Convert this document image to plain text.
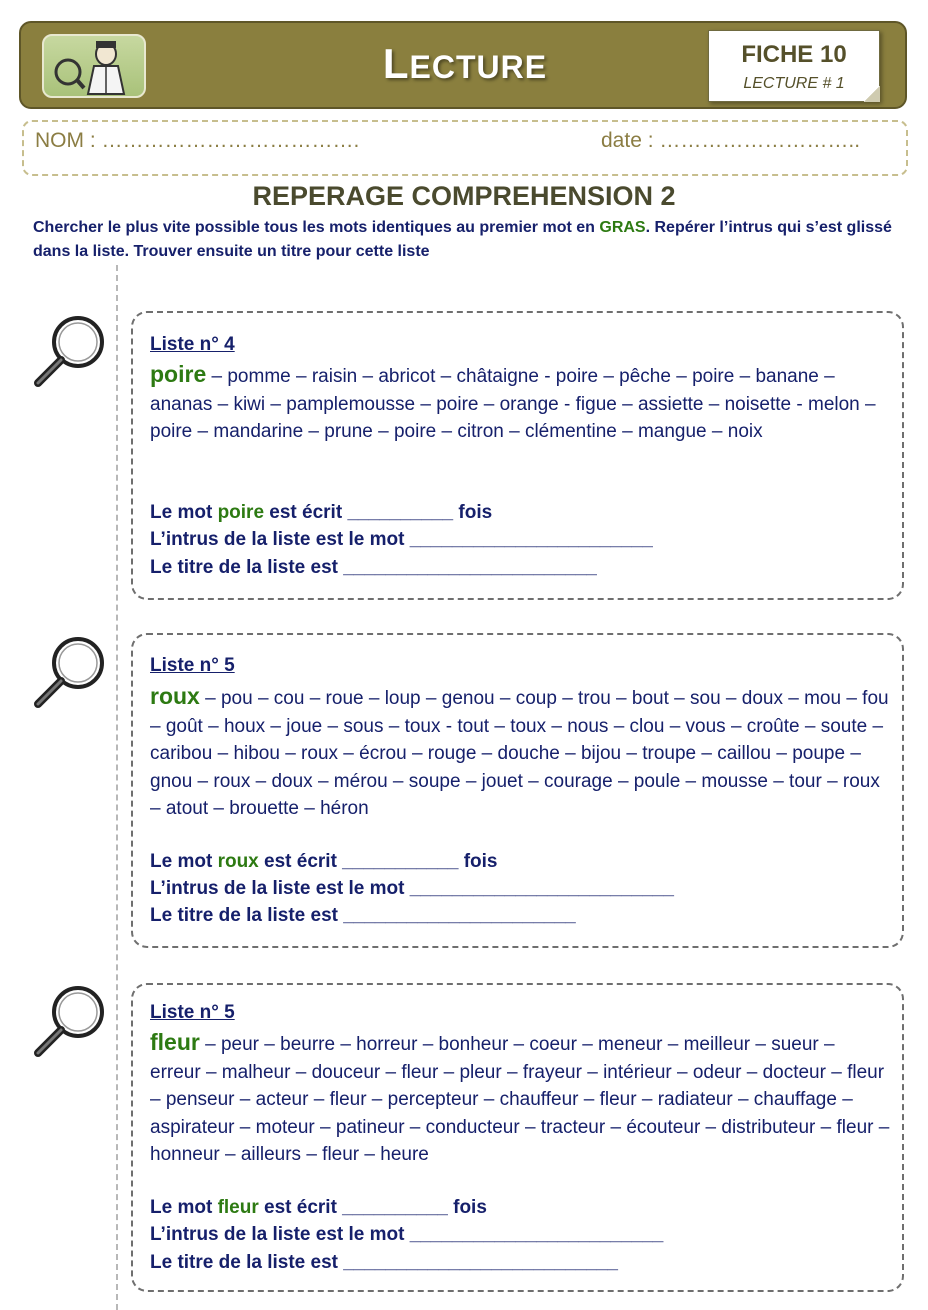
LECTURE	FICHE 10
LECTURE # 1
NOM : ……………………………….	date : ………………………..
REPERAGE COMPREHENSION 2
Chercher le plus vite possible tous les mots identiques au premier mot en GRAS. Repérer l’intrus qui s’est glissé dans la liste. Trouver ensuite un titre pour cette liste
Liste n° 4
poire – pomme – raisin – abricot – châtaigne - poire – pêche – poire – banane – ananas – kiwi – pamplemousse – poire – orange - figue – assiette – noisette - melon – poire – mandarine – prune – poire – citron – clémentine – mangue – noix
Le mot poire est écrit __________ fois
L’intrus de la liste est le mot _______________________
Le titre de la liste est ________________________
Liste n° 5
roux – pou – cou – roue – loup – genou – coup – trou – bout – sou – doux – mou – fou – goût – houx – joue – sous – toux - tout – toux – nous – clou – vous – croûte – soute – caribou – hibou – roux – écrou – rouge – douche – bijou – troupe – caillou – poupe – gnou – roux – doux – mérou – soupe – jouet – courage – poule – mousse – tour – roux – atout – brouette – héron
Le mot roux est écrit ___________ fois
L’intrus de la liste est le mot _________________________
Le titre de la liste est ______________________
Liste n° 5
fleur – peur – beurre – horreur – bonheur – coeur – meneur – meilleur – sueur – erreur – malheur – douceur – fleur – pleur – frayeur – intérieur – odeur – docteur – fleur – penseur – acteur – fleur – percepteur – chauffeur – fleur – radiateur – chauffage – aspirateur – moteur – patineur – conducteur – tracteur – écouteur – distributeur – fleur – honneur – ailleurs – fleur – heure
Le mot fleur est écrit __________ fois
L’intrus de la liste est le mot ________________________
Le titre de la liste est __________________________
